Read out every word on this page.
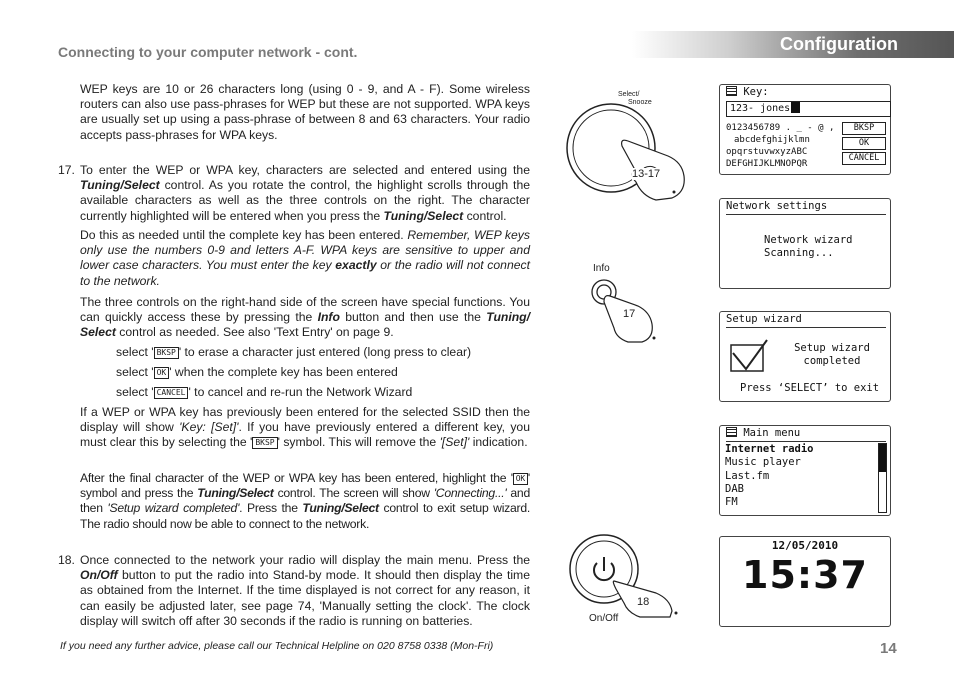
Connecting to your computer network - cont.	Configuration

WEP keys are 10 or 26 characters long (using 0 - 9, and A - F). Some wireless routers can also use pass-phrases for WEP but these are not supported. WPA keys are usually set up using a pass-phrase of between 8 and 63 characters. Your radio accepts pass-phrases for WPA keys.

17. To enter the WEP or WPA key, characters are selected and entered using the Tuning/Select control. As you rotate the control, the highlight scrolls through the available characters as well as the three controls on the right. The character currently highlighted will be entered when you press the Tuning/Select control.

Do this as needed until the complete key has been entered. Remember, WEP keys only use the numbers 0-9 and letters A-F. WPA keys are sensitive to upper and lower case characters. You must enter the key exactly or the radio will not connect to the network.

The three controls on the right-hand side of the screen have special functions. You can quickly access these by pressing the Info button and then use the Tuning/ Select control as needed. See also 'Text Entry' on page 9.

select ' BKSP ' to erase a character just entered (long press to clear)
select ' OK ' when the complete key has been entered
select ' CANCEL ' to cancel and re-run the Network Wizard

If a WEP or WPA key has previously been entered for the selected SSID then the display will show 'Key: [Set]'. If you have previously entered a different key, you must clear this by selecting the ' BKSP ' symbol. This will remove the '[Set]' indication.

After the final character of the WEP or WPA key has been entered, highlight the ' OK ' symbol and press the Tuning/Select control. The screen will show 'Connecting...' and then 'Setup wizard completed'. Press the Tuning/Select control to exit setup wizard. The radio should now be able to connect to the network.

18. Once connected to the network your radio will display the main menu. Press the On/Off button to put the radio into Stand-by mode. It should then display the time as obtained from the Internet. If the time displayed is not correct for any reason, it can easily be adjusted later, see page 74, 'Manually setting the clock'. The clock display will switch off after 30 seconds if the radio is running on batteries.

If you need any further advice, please call our Technical Helpline on 020 8758 0338 (Mon-Fri)	14
Select/
Snooze
13-17
Info
17
18
On/Off
Key:
123- jones
0123456789 . _ - @ ,
abcdefghijklmn
opqrstuvwxyzABC
DEFGHIJKLMNOPQR
BKSP
OK
CANCEL
Network settings
Network wizard
Scanning...
Setup wizard
Setup wizard
completed
Press ‘SELECT’ to exit
Main menu
Internet radio
Music player
Last.fm
DAB
FM
12/05/2010
15:37
